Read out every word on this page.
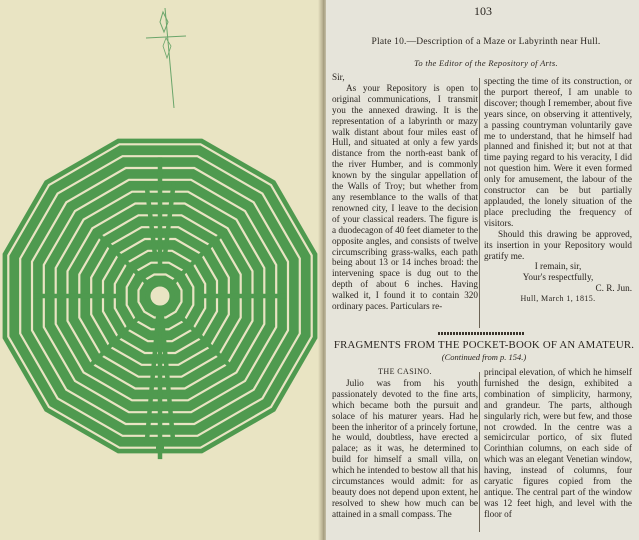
103
Plate 10.—Description of a Maze or Labyrinth near Hull.
To the Editor of the Repository of Arts.

Sir,

As your Repository is open to original communications, I transmit you the annexed drawing. It is the representation of a labyrinth or mazy walk distant about four miles east of Hull, and situated at only a few yards distance from the north-east bank of the river Humber, and is commonly known by the singular appellation of the Walls of Troy; but whether from any resemblance to the walls of that renowned city, I leave to the decision of your classical readers. The figure is a duodecagon of 40 feet diameter to the opposite angles, and consists of twelve circumscribing grass-walks, each path being about 13 or 14 inches broad: the intervening space is dug out to the depth of about 6 inches. Having walked it, I found it to contain 320 ordinary paces. Particulars re-

specting the time of its construction, or the purport thereof, I am unable to discover; though I remember, about five years since, on observing it attentively, a passing countryman voluntarily gave me to understand, that he himself had planned and finished it; but not at that time paying regard to his veracity, I did not question him. Were it even formed only for amusement, the labour of the constructor can be but partially applauded, the lonely situation of the place precluding the frequency of visitors.

Should this drawing be approved, its insertion in your Repository would gratify me.

I remain, sir,

Your's respectfully,

C. R. Jun.

Hull, March 1, 1815.

FRAGMENTS FROM THE POCKET-BOOK OF AN AMATEUR.
(Continued from p. 154.)

THE CASINO.

Julio was from his youth passionately devoted to the fine arts, which became both the pursuit and solace of his maturer years. Had he been the inheritor of a princely fortune, he would, doubtless, have erected a palace; as it was, he determined to build for himself a small villa, on which he intended to bestow all that his circumstances would admit: for as beauty does not depend upon extent, he resolved to shew how much can be attained in a small compass. The

principal elevation, of which he himself furnished the design, exhibited a combination of simplicity, harmony, and grandeur. The parts, although singularly rich, were but few, and those not crowded. In the centre was a semicircular portico, of six fluted Corinthian columns, on each side of which was an elegant Venetian window, having, instead of columns, four caryatic figures copied from the antique. The central part of the window was 12 feet high, and level with the floor of
